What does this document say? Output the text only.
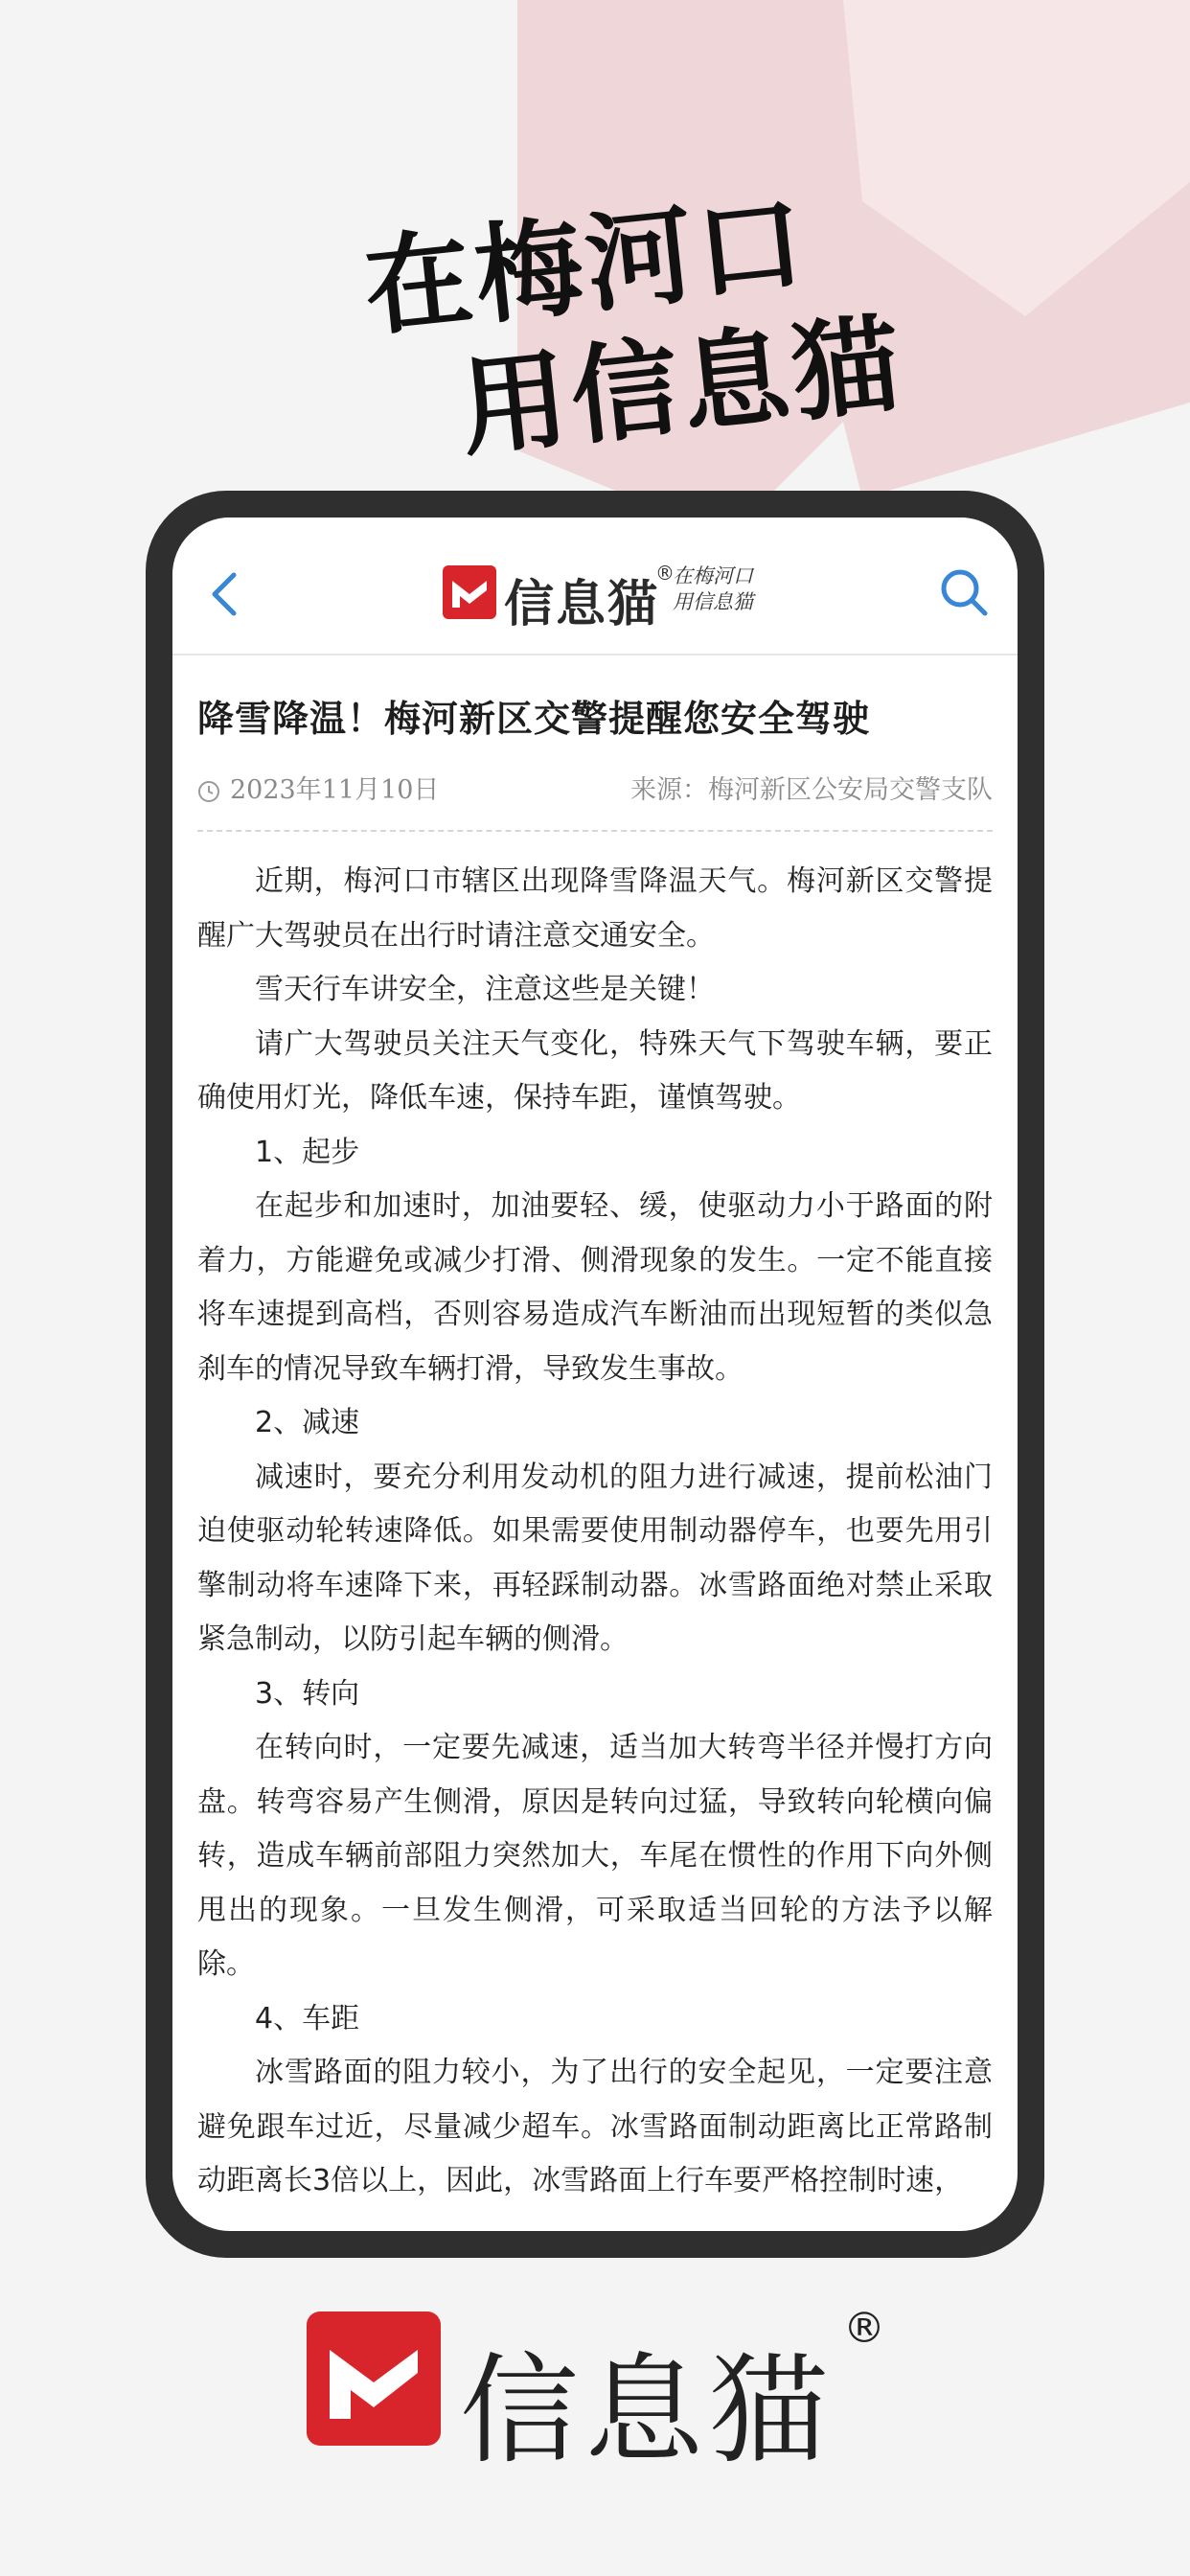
在梅河口
用信息猫
信息猫
®
在梅河口
用信息猫
降雪降温！梅河新区交警提醒您安全驾驶
2023年11月10日	来源：梅河新区公安局交警支队

近期，梅河口市辖区出现降雪降温天气。梅河新区交警提醒广大驾驶员在出行时请注意交通安全。

雪天行车讲安全，注意这些是关键！

请广大驾驶员关注天气变化，特殊天气下驾驶车辆，要正确使用灯光，降低车速，保持车距，谨慎驾驶。

1、起步

在起步和加速时，加油要轻、缓，使驱动力小于路面的附着力，方能避免或减少打滑、侧滑现象的发生。一定不能直接将车速提到高档，否则容易造成汽车断油而出现短暂的类似急刹车的情况导致车辆打滑，导致发生事故。

2、减速

减速时，要充分利用发动机的阻力进行减速，提前松油门迫使驱动轮转速降低。如果需要使用制动器停车，也要先用引擎制动将车速降下来，再轻踩制动器。冰雪路面绝对禁止采取紧急制动，以防引起车辆的侧滑。

3、转向

在转向时，一定要先减速，适当加大转弯半径并慢打方向盘。转弯容易产生侧滑，原因是转向过猛，导致转向轮横向偏转，造成车辆前部阻力突然加大，车尾在惯性的作用下向外侧甩出的现象。一旦发生侧滑，可采取适当回轮的方法予以解除。

4、车距

冰雪路面的阻力较小，为了出行的安全起见，一定要注意避免跟车过近，尽量减少超车。冰雪路面制动距离比正常路制动距离长3倍以上，因此，冰雪路面上行车要严格控制时速，

信息猫
®
